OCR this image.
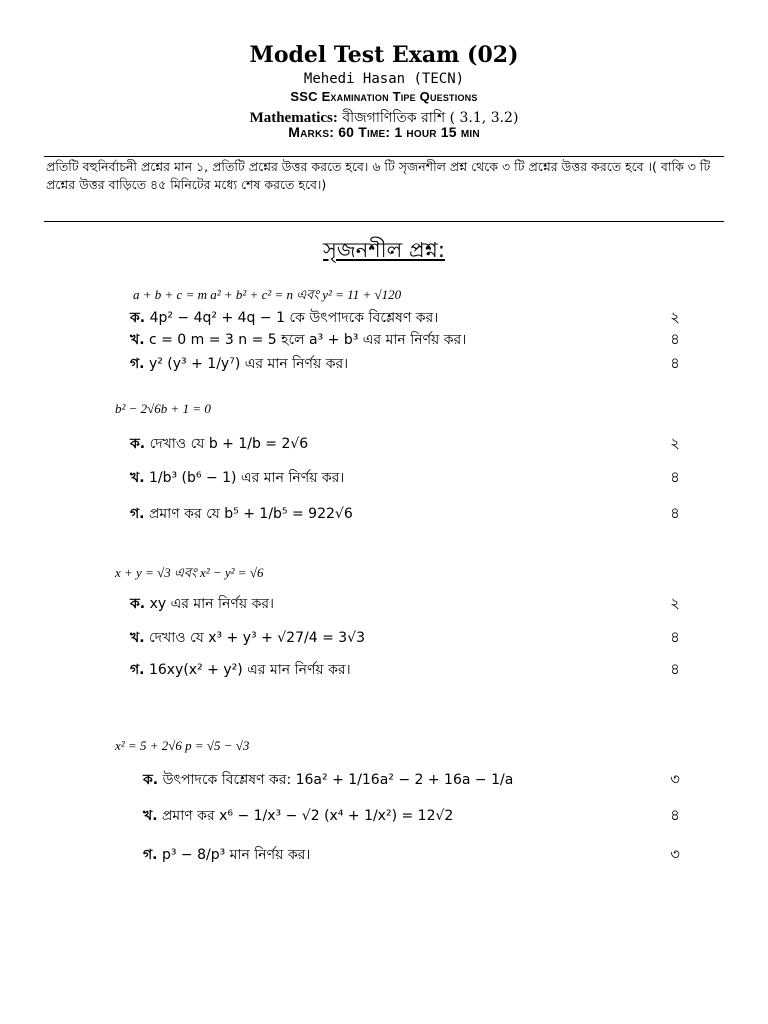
Model Test Exam (02)
Mehedi Hasan (TECN)
SSC Examination Tipe Questions
Mathematics: বীজগাণিতিক রাশি ( 3.1, 3.2)
Marks: 60 Time: 1 hour 15 min
প্রতিটি বহুনির্বাচনী প্রশ্নের মান ১, প্রতিটি প্রশ্নের উত্তর করতে হবে। ৬ টি সৃজনশীল প্রশ্ন থেকে ৩ টি প্রশ্নের উত্তর করতে হবে ।( বাকি ৩ টি প্রশ্নের উত্তর বাড়িতে ৪৫ মিনিটের মধ্যে শেষ করতে হবে।)
সৃজনশীল প্রশ্ন:
a + b + c = m a² + b² + c² = n এবং y² = 11 + √120
ক. 4p² − 4q² + 4q − 1 কে উৎপাদকে বিশ্লেষণ কর।	২
খ. c = 0 m = 3 n = 5 হলে a³ + b³ এর মান নির্ণয় কর।	৪
গ. y² (y³ + 1/y⁷) এর মান নির্ণয় কর।	৪
b² − 2√6b + 1 = 0
ক. দেখাও যে b + 1/b = 2√6	২
খ. 1/b³ (b⁶ − 1) এর মান নির্ণয় কর।	৪
গ. প্রমাণ কর যে b⁵ + 1/b⁵ = 922√6	৪
x + y = √3 এবং x² − y² = √6
ক. xy এর মান নির্ণয় কর।	২
খ. দেখাও যে x³ + y³ + √27/4 = 3√3	৪
গ. 16xy(x² + y²) এর মান নির্ণয় কর।	৪
x² = 5 + 2√6 p = √5 − √3
ক. উৎপাদকে বিশ্লেষণ কর: 16a² + 1/16a² − 2 + 16a − 1/a	৩
খ. প্রমাণ কর x⁶ − 1/x³ − √2 (x⁴ + 1/x²) = 12√2	৪
গ. p³ − 8/p³ মান নির্ণয় কর।	৩
